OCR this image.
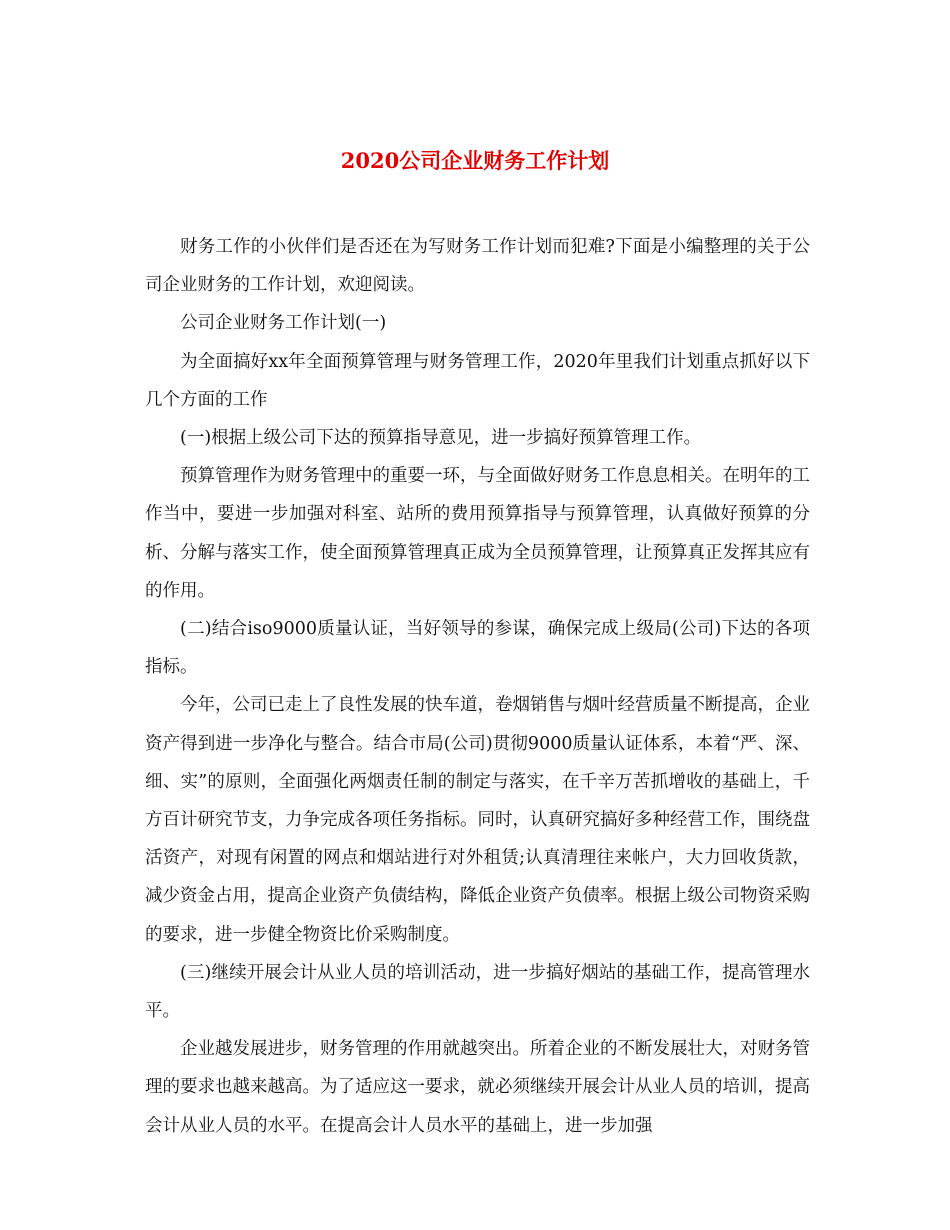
2020公司企业财务工作计划

财务工作的小伙伴们是否还在为写财务工作计划而犯难?下面是小编整理的关于公司企业财务的工作计划，欢迎阅读。

公司企业财务工作计划(一)

为全面搞好xx年全面预算管理与财务管理工作，2020年里我们计划重点抓好以下几个方面的工作

(一)根据上级公司下达的预算指导意见，进一步搞好预算管理工作。

预算管理作为财务管理中的重要一环，与全面做好财务工作息息相关。在明年的工作当中，要进一步加强对科室、站所的费用预算指导与预算管理，认真做好预算的分析、分解与落实工作，使全面预算管理真正成为全员预算管理，让预算真正发挥其应有的作用。

(二)结合iso9000质量认证，当好领导的参谋，确保完成上级局(公司)下达的各项指标。

今年，公司已走上了良性发展的快车道，卷烟销售与烟叶经营质量不断提高，企业资产得到进一步净化与整合。结合市局(公司)贯彻9000质量认证体系，本着“严、深、细、实”的原则，全面强化两烟责任制的制定与落实，在千辛万苦抓增收的基础上，千方百计研究节支，力争完成各项任务指标。同时，认真研究搞好多种经营工作，围绕盘活资产，对现有闲置的网点和烟站进行对外租赁;认真清理往来帐户，大力回收货款，减少资金占用，提高企业资产负债结构，降低企业资产负债率。根据上级公司物资采购的要求，进一步健全物资比价采购制度。

(三)继续开展会计从业人员的培训活动，进一步搞好烟站的基础工作，提高管理水平。

企业越发展进步，财务管理的作用就越突出。所着企业的不断发展壮大，对财务管理的要求也越来越高。为了适应这一要求，就必须继续开展会计从业人员的培训，提高会计从业人员的水平。在提高会计人员水平的基础上，进一步加强
